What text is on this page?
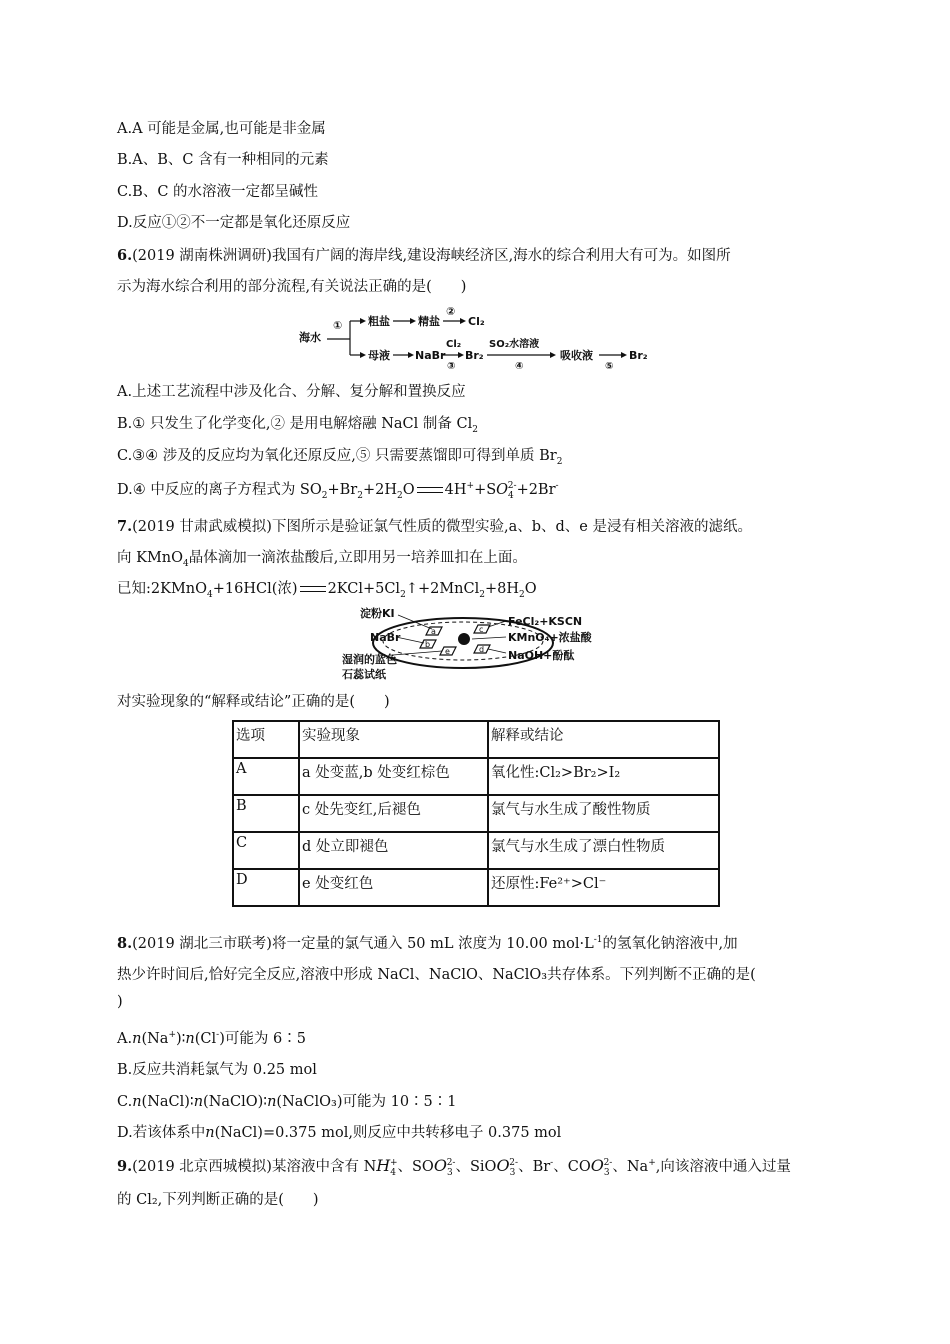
A.A 可能是金属,也可能是非金属
B.A、B、C 含有一种相同的元素
C.B、C 的水溶液一定都呈碱性
D.反应①②不一定都是氧化还原反应
6.(2019 湖南株洲调研)我国有广阔的海岸线,建设海峡经济区,海水的综合利用大有可为。如图所
示为海水综合利用的部分流程,有关说法正确的是(　　)
海水
① 粗盐	精盐
②
Cl₂
母液 NaBr
Cl₂
③
Br₂
SO₂水溶液
④
吸收液
⑤
Br₂
A.上述工艺流程中涉及化合、分解、复分解和置换反应
B.① 只发生了化学变化,② 是用电解熔融 NaCl 制备 $Cl_2$
C.③④ 涉及的反应均为氧化还原反应,⑤ 只需要蒸馏即可得到单质 $Br_2$
D.④ 中反应的离子方程式为 $SO_2+Br_2+2H_2O$ $4H^++SO_4^{2-}+2Br^-$
7.(2019 甘肃武威模拟)下图所示是验证氯气性质的微型实验,a、b、d、e 是浸有相关溶液的滤纸。
向 KMnO$_4$晶体滴加一滴浓盐酸后,立即用另一培养皿扣在上面。
已知:2KMnO$_4$+16HCl(浓) $2KCl+5Cl_2↑+2MnCl_2+8H_2O$
a
b
c
d
e
淀粉KI
NaBr
湿润的蓝色
石蕊试纸
FeCl₂+KSCN
KMnO₄+浓盐酸
NaOH+酚酞
对实验现象的“解释或结论”正确的是(　　)
选项	实验现象	解释或结论
A	a 处变蓝,b 处变红棕色	氧化性:Cl₂>Br₂>I₂
B	c 处先变红,后褪色	氯气与水生成了酸性物质
C	d 处立即褪色	氯气与水生成了漂白性物质
D	e 处变红色	还原性:Fe²⁺>Cl⁻
8.(2019 湖北三市联考)将一定量的氯气通入 50 mL 浓度为 10.00 $mol\cdot L^{-1}$的氢氧化钠溶液中,加
热少许时间后,恰好完全反应,溶液中形成 NaCl、NaClO、NaClO₃共存体系。下列判断不正确的是(
)
A.n(Na+)∶n(Cl-)可能为 6∶5
B.反应共消耗氯气为 0.25 mol
C.n(NaCl)∶n(NaClO)∶n(NaClO₃)可能为 10∶5∶1
D.若该体系中n(NaCl)=0.375 mol,则反应中共转移电子 0.375 mol
9.(2019 北京西城模拟)某溶液中含有 $NH_4^+$、$SOO_3^{2-}$、SiOO$_3^{2-}$、Br-、$COO_3^{2-}$、Na+,向该溶液中通入过量
的 Cl₂,下列判断正确的是(　　)
